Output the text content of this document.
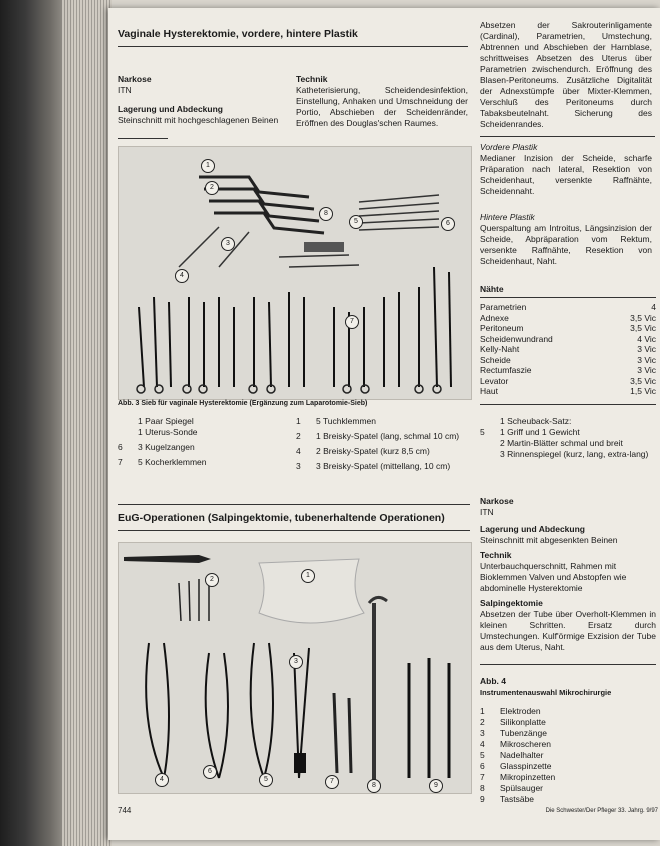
Vaginale Hysterektomie, vordere, hintere Plastik
Narkose
ITN
Lagerung und Abdeckung
Steinschnitt mit hochgeschlagenen Beinen
Technik
Katheterisierung, Scheidendesinfektion, Einstellung, Anhaken und Umschneidung der Portio, Abschieben der Scheidenränder, Eröffnen des Douglas'schen Raumes.
1
2
3
4
5	6
7
8
Abb. 3 Sieb für vaginale Hysterektomie (Ergänzung zum Laparotomie-Sieb)
1 Paar Spiegel
1 Uterus-Sonde
6	3 Kugelzangen
7	5 Kocherklemmen
1	5 Tuchklemmen
2	1 Breisky-Spatel (lang, schmal 10 cm)
4	2 Breisky-Spatel (kurz 8,5 cm)
3	3 Breisky-Spatel (mittellang, 10 cm)
Absetzen der Sakrouterinligamente (Cardinal), Parametrien, Umstechung, Abtrennen und Abschieben der Harnblase, schrittweises Absetzen des Uterus über Parametrien zwischendurch. Eröffnung des Blasen-Peritoneums. Zusätzliche Digitalität der Adnexstümpfe über Mixter-Klemmen, Verschluß des Peritoneums durch Tabaksbeutelnaht. Sicherung des Scheidenrandes.
Vordere Plastik
Medianer Inzision der Scheide, scharfe Präparation nach lateral, Resektion von Scheidenhaut, versenkte Raffnähte, Scheidennaht.
Hintere Plastik
Querspaltung am Introitus, Längsinzision der Scheide, Abpräparation vom Rektum, versenkte Raffnähte, Resektion von Scheidenhaut, Naht.
Nähte
Parametrien	4
Adnexe	3,5 Vic
Peritoneum	3,5 Vic
Scheidenwundrand	4 Vic
Kelly-Naht	3 Vic
Scheide	3 Vic
Rectumfaszie	3 Vic
Levator	3,5 Vic
Haut	1,5 Vic
1 Scheuback-Satz:
5	1 Griff und 1 Gewicht
2 Martin-Blätter schmal und breit
3 Rinnenspiegel (kurz, lang, extra-lang)
EuG-Operationen (Salpingektomie, tubenerhaltende Operationen)
1
2
3
4	5
6
7
8	9
Narkose
ITN
Lagerung und Abdeckung
Steinschnitt mit abgesenkten Beinen
Technik
Unterbauchquerschnitt, Rahmen mit Bioklemmen Valven und Abstopfen wie abdominelle Hysterektomie
Salpingektomie
Absetzen der Tube über Overholt-Klemmen in kleinen Schritten. Ersatz durch Umstechungen. Kulf'örmige Exzision der Tube aus dem Uterus, Naht.
Abb. 4
Instrumentenauswahl Mikrochirurgie
1	Elektroden
2	Silikonplatte
3	Tubenzänge
4	Mikroscheren
5	Nadelhalter
6	Glasspinzette
7	Mikropinzetten
8	Spülsauger
9	Tastsäbe
744	Die Schwester/Der Pfleger 33. Jahrg. 9/97
